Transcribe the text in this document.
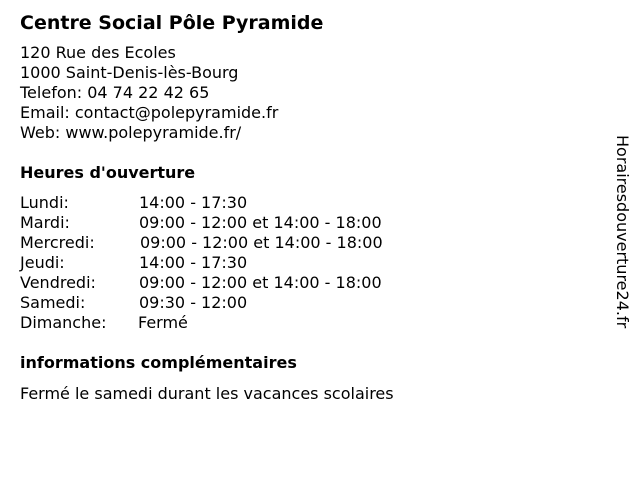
Centre Social Pôle Pyramide
120 Rue des Ecoles
1000 Saint-Denis-lès-Bourg
Telefon: 04 74 22 42 65
Email: contact@polepyramide.fr
Web: www.polepyramide.fr/
Heures d'ouverture
Lundi:	14:00 - 17:30
Mardi:	09:00 - 12:00 et 14:00 - 18:00
Mercredi:	09:00 - 12:00 et 14:00 - 18:00
Jeudi:	14:00 - 17:30
Vendredi:	09:00 - 12:00 et 14:00 - 18:00
Samedi:	09:30 - 12:00
Dimanche: Fermé
informations complémentaires
Fermé le samedi durant les vacances scolaires
Horairesdouverture24.fr
